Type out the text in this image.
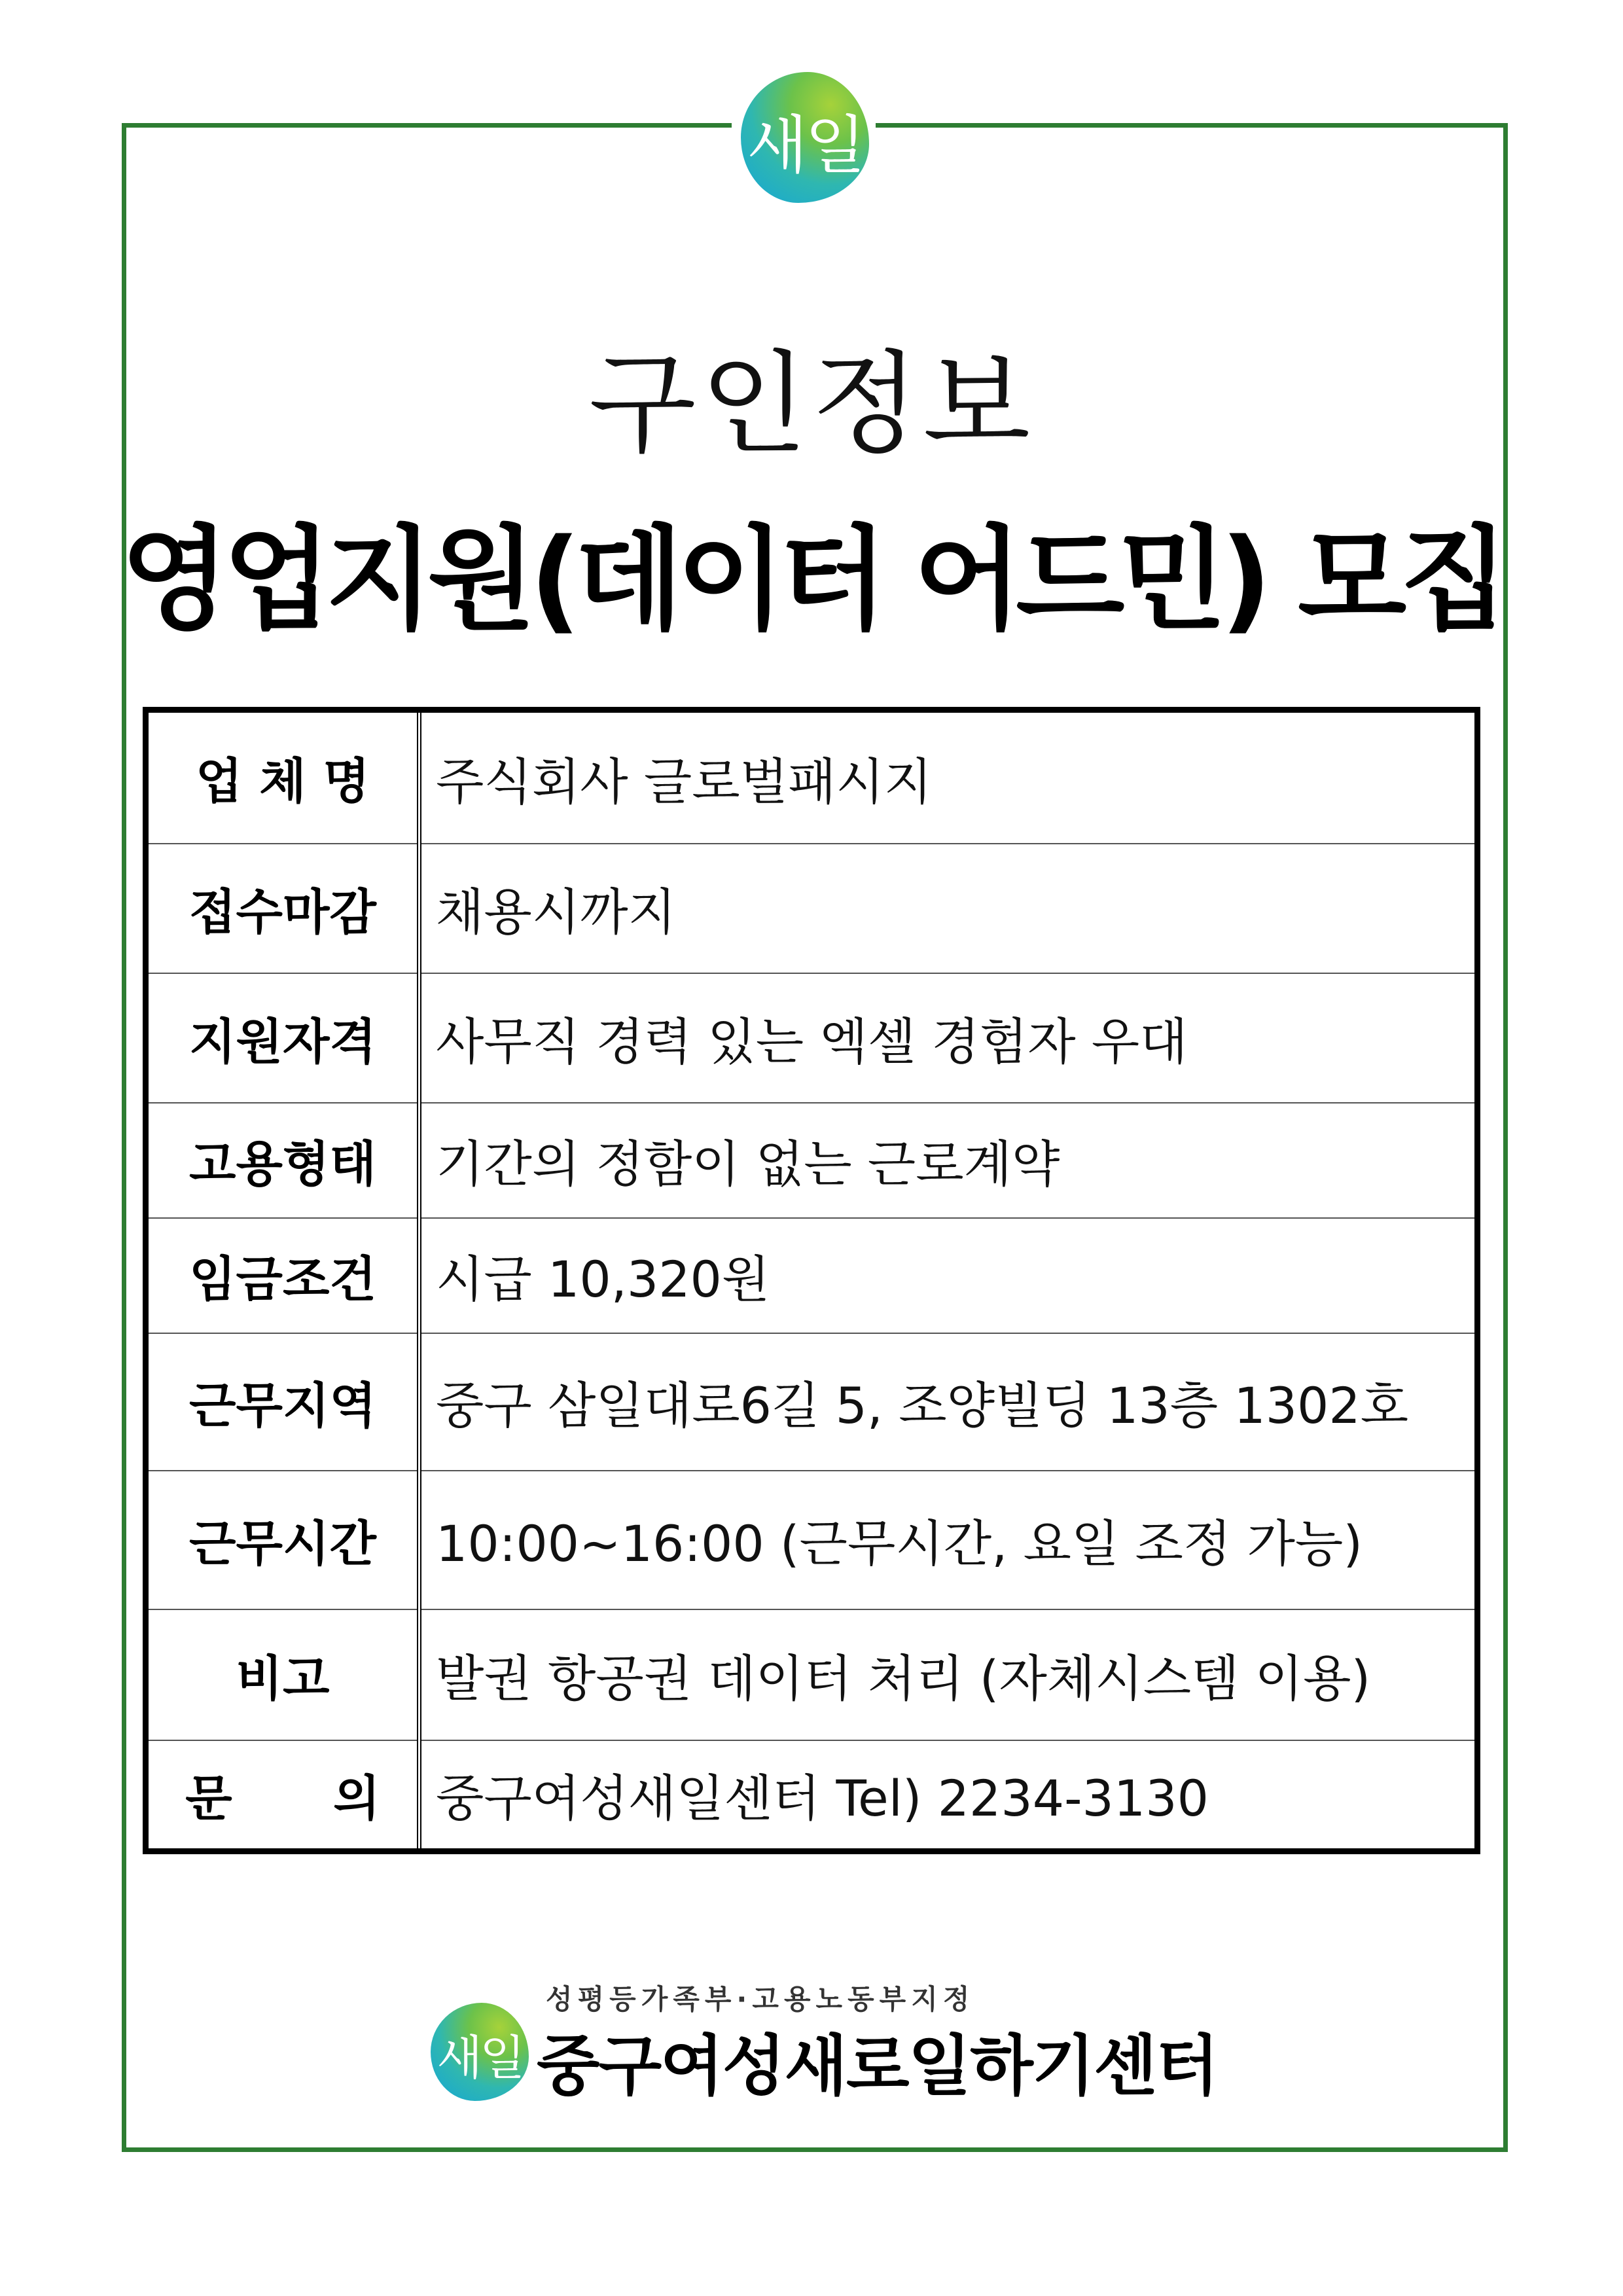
새일
구인정보
영업지원(데이터 어드민) 모집
업 체 명	주식회사 글로벌패시지
접수마감	채용시까지
지원자격	사무직 경력 있는 엑셀 경험자 우대
고용형태	기간의 정함이 없는 근로계약
임금조건	시급 10,320원
근무지역	중구 삼일대로6길 5, 조양빌딩 13층 1302호
근무시간	10:00~16:00 (근무시간, 요일 조정 가능)
비고	발권 항공권 데이터 처리 (자체시스템 이용)
문      의	중구여성새일센터 Tel) 2234-3130
성평등가족부·고용노동부지정
새일 중구여성새로일하기센터
